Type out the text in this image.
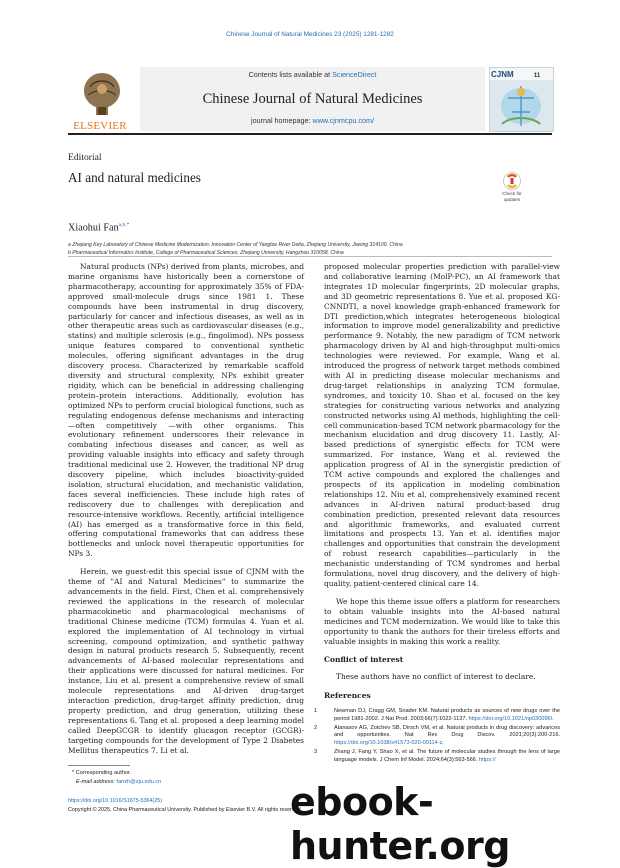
Chinese Journal of Natural Medicines 23 (2025) 1281-1282
ELSEVIER
Contents lists available at ScienceDirect
Chinese Journal of Natural Medicines
journal homepage: www.cjnmcpu.com/
CJNM	11
Editorial
AI and natural medicines
Check for updates
Xiaohui Fan$^{a,b,*}$
a Zhejiang Key Laboratory of Chinese Medicine Modernization, Innovation Center of Yangtze River Delta, Zhejiang University, Jiaxing 314100, China
b Pharmaceutical Informatics Institute, College of Pharmaceutical Sciences, Zhejiang University, Hangzhou 310058, China

Natural products (NPs) derived from plants, microbes, and marine organisms have historically been a cornerstone of pharmacotherapy, accounting for approximately 35% of FDA-approved small-molecule drugs since 1981 1. These compounds have been instrumental in drug discovery, particularly for cancer and infectious diseases, as well as in other therapeutic areas such as cardiovascular diseases (e.g., statins) and multiple sclerosis (e.g., fingolimod). NPs possess unique features compared to conventional synthetic molecules, offering significant advantages in the drug discovery process. Characterized by remarkable scaffold diversity and structural complexity, NPs exhibit greater rigidity, which can be beneficial in addressing challenging protein–protein interactions. Additionally, evolution has optimized NPs to perform crucial biological functions, such as regulating endogenous defense mechanisms and interacting —often competitively —with other organisms. This evolutionary refinement underscores their relevance in combating infectious diseases and cancer, as well as providing valuable insights into efficacy and safety through traditional medicinal use 2. However, the traditional NP drug discovery pipeline, which includes bioactivity-guided isolation, structural elucidation, and mechanistic validation, faces several inefficiencies. These include high rates of rediscovery due to challenges with dereplication and resource-intensive workflows. Recently, artificial intelligence (AI) has emerged as a transformative force in this field, offering computational frameworks that can address these bottlenecks and unlock novel therapeutic opportunities for NPs 3.

Herein, we guest-edit this special issue of CJNM with the theme of "AI and Natural Medicines" to summarize the advancements in the field. First, Chen et al. comprehensively reviewed the applications in the research of molecular pharmacokinetic and pharmacological mechanisms of traditional Chinese medicine (TCM) formulas 4. Yuan et al. explored the implementation of AI technology in virtual screening, compound optimization, and synthetic pathway design in natural products research 5. Subsequently, recent advancements of AI-based molecular representations and their applications were discussed for natural medicines. For instance, Liu et al. present a comprehensive review of small molecule representations and AI-driven drug-target interaction prediction, drug-target affinity prediction, drug property prediction, and drug generation, utilizing these representations 6. Tang et al. proposed a deep learning model called DeepGCGR to identify glucagon receptor (GCGR)-targeting compounds for the development of Type 2 Diabetes Mellitus therapeutics 7. Li et al.

proposed molecular properties prediction with parallel-view and collaborative learning (MolP-PC), an AI framework that integrates 1D molecular fingerprints, 2D molecular graphs, and 3D geometric representations 8. Yue et al. proposed KG-CNNDTI, a novel knowledge graph-enhanced framework for DTI prediction,which integrates heterogeneous biological information to improve model generalizability and predictive performance 9. Notably, the new paradigm of TCM network pharmacology driven by AI and high-throughput multi-omics technologies were reviewed. For example, Wang et al. introduced the progress of network target methods combined with AI in predicting disease molecular mechanisms and drug-target relationships in analyzing TCM formulae, syndromes, and toxicity 10. Shao et al. focused on the key strategies for constructing various networks and analyzing constructed networks using AI methods, highlighting the cell-cell communication-based TCM network pharmacology for the mechanism elucidation and drug discovery 11. Lastly, AI-based predictions of synergistic effects for TCM were summarized. For instance, Wang et al. reviewed the application progress of AI in the synergistic prediction of TCM active compounds and explored the challenges and prospects of its application in modeling combination relationships 12. Niu et al. comprehensively examined recent advances in AI-driven natural product-based drug combination prediction, presented relevant data resources and algorithmic frameworks, and evaluated current limitations and prospects 13. Yan et al. identifies major challenges and opportunities that constrain the development of robust research capabilities—particularly in the mechanistic understanding of TCM syndromes and herbal formulations, novel drug discovery, and the delivery of high-quality, patient-centered clinical care 14.

We hope this theme issue offers a platform for researchers to obtain valuable insights into the AI-based natural medicines and TCM modernization. We would like to take this opportunity to thank the authors for their tireless efforts and valuable insights in making this work a reality.

Conflict of interest

These authors have no conflict of interest to declare.

References

1	Newman DJ, Cragg GM, Snader KM. Natural products as sources of new drugs over the period 1981-2002. J Nat Prod. 2003;66(7):1022-1137. https://doi.org/10.1021/np030096l.
2	Atanasov AG, Zotchev SB, Dirsch VM, et al. Natural products in drug discovery: advances and opportunities. Nat Rev Drug Discov. 2021;20(3):200-216. https://doi.org/10.1038/s41573-020-00114-z.
3	Zhang J, Fang Y, Shao X, et al. The future of molecular studies through the lens of large language models. J Chem Inf Model. 2024;64(3):563-566. https://
* Corresponding author.
E-mail address: fanxh@zju.edu.cn
https://doi.org/10.1016/S1875-5364(25)
Copyright © 2025, China Pharmaceutical University. Published by Elsevier B.V. All rights reserved.
ebook-hunter.org
